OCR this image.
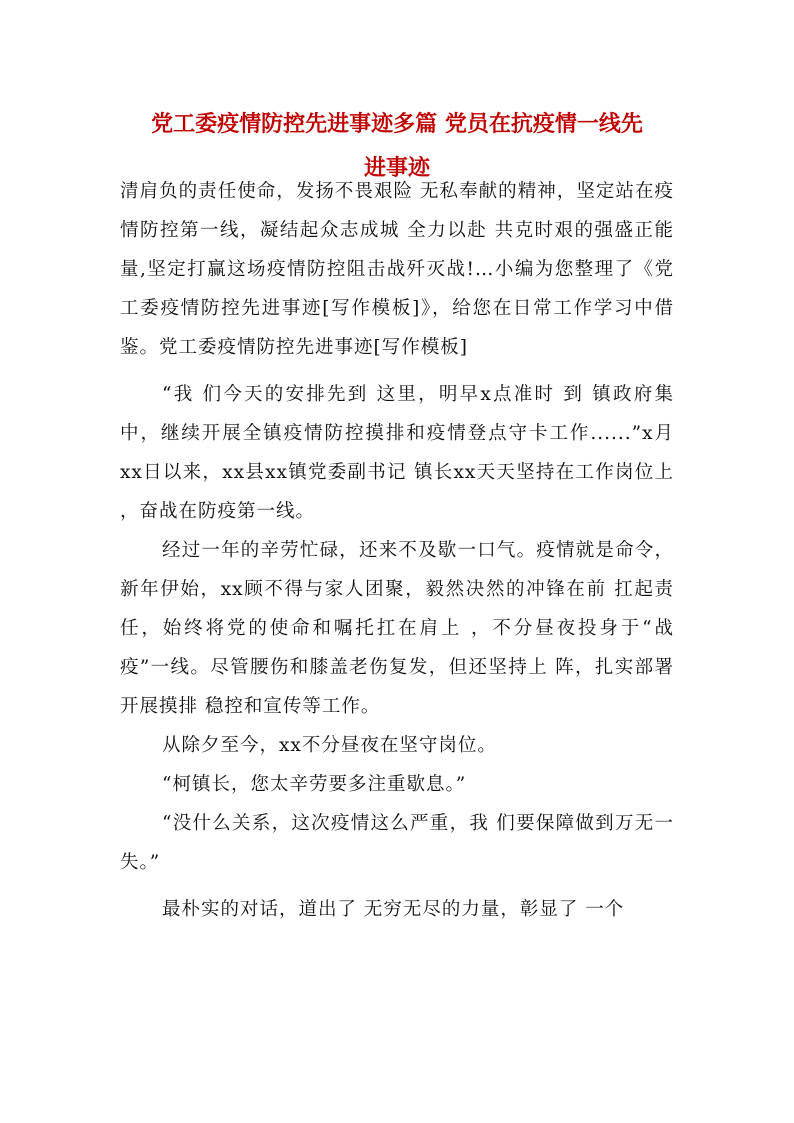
党工委疫情防控先进事迹多篇 党员在抗疫情一线先
进事迹

清肩负的责任使命，发扬不畏艰险 无私奉献的精神，坚定站在疫情防控第一线，凝结起众志成城 全力以赴 共克时艰的强盛正能量,坚定打赢这场疫情防控阻击战歼灭战!…小编为您整理了《党工委疫情防控先进事迹[写作模板]》，给您在日常工作学习中借鉴。党工委疫情防控先进事迹[写作模板]

“我 们今天的安排先到 这里，明早x点准时 到 镇政府集中，继续开展全镇疫情防控摸排和疫情登点守卡工作......”x月xx日以来，xx县xx镇党委副书记 镇长xx天天坚持在工作岗位上 ，奋战在防疫第一线。

经过一年的辛劳忙碌，还来不及歇一口气。疫情就是命令，新年伊始，xx顾不得与家人团聚，毅然决然的冲锋在前 扛起责任，始终将党的使命和嘱托扛在肩上 ，不分昼夜投身于“战疫”一线。尽管腰伤和膝盖老伤复发，但还坚持上 阵，扎实部署开展摸排 稳控和宣传等工作。

从除夕至今，xx不分昼夜在坚守岗位。

“柯镇长，您太辛劳要多注重歇息。”

“没什么关系，这次疫情这么严重，我 们要保障做到万无一失。”

最朴实的对话，道出了 无穷无尽的力量，彰显了 一个
